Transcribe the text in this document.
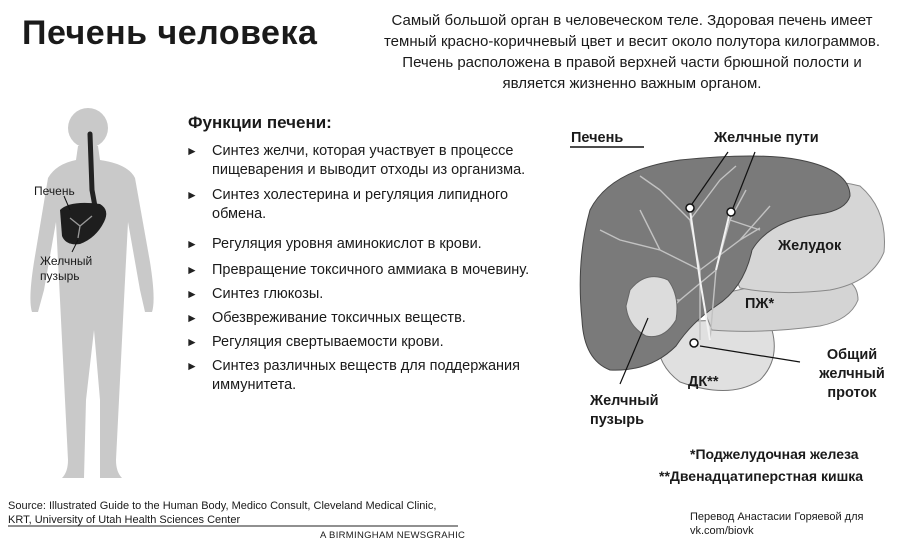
Печень человека	Самый большой орган в человеческом теле. Здоровая печень имеет темный красно-коричневый цвет и весит около полутора килограммов. Печень расположена в правой верхней части брюшной полости и является жизненно важным органом.
Функции печени:
► Синтез желчи, которая участвует в процессе пищеварения и выводит отходы из организма.
► Синтез холестерина и регуляция липидного обмена.
► Регуляция уровня аминокислот в крови.
► Превращение токсичного аммиака в мочевину.
► Синтез глюкозы.
► Обезвреживание токсичных веществ.
► Регуляция свертываемости крови.
► Синтез различных веществ для поддержания иммунитета.
Печень
Желчный пузырь
Печень	Желчные пути
Желудок
ПЖ*
Общий желчный проток
ДК**
Желчный пузырь
*Поджелудочная железа
**Двенадцатиперстная кишка
Source: Illustrated Guide to the Human Body, Medico Consult, Cleveland Medical Clinic, KRT, University of Utah Health Sciences Center
A BIRMINGHAM NEWSGRAHIC
Перевод Анастасии Горяевой для vk.com/biovk
